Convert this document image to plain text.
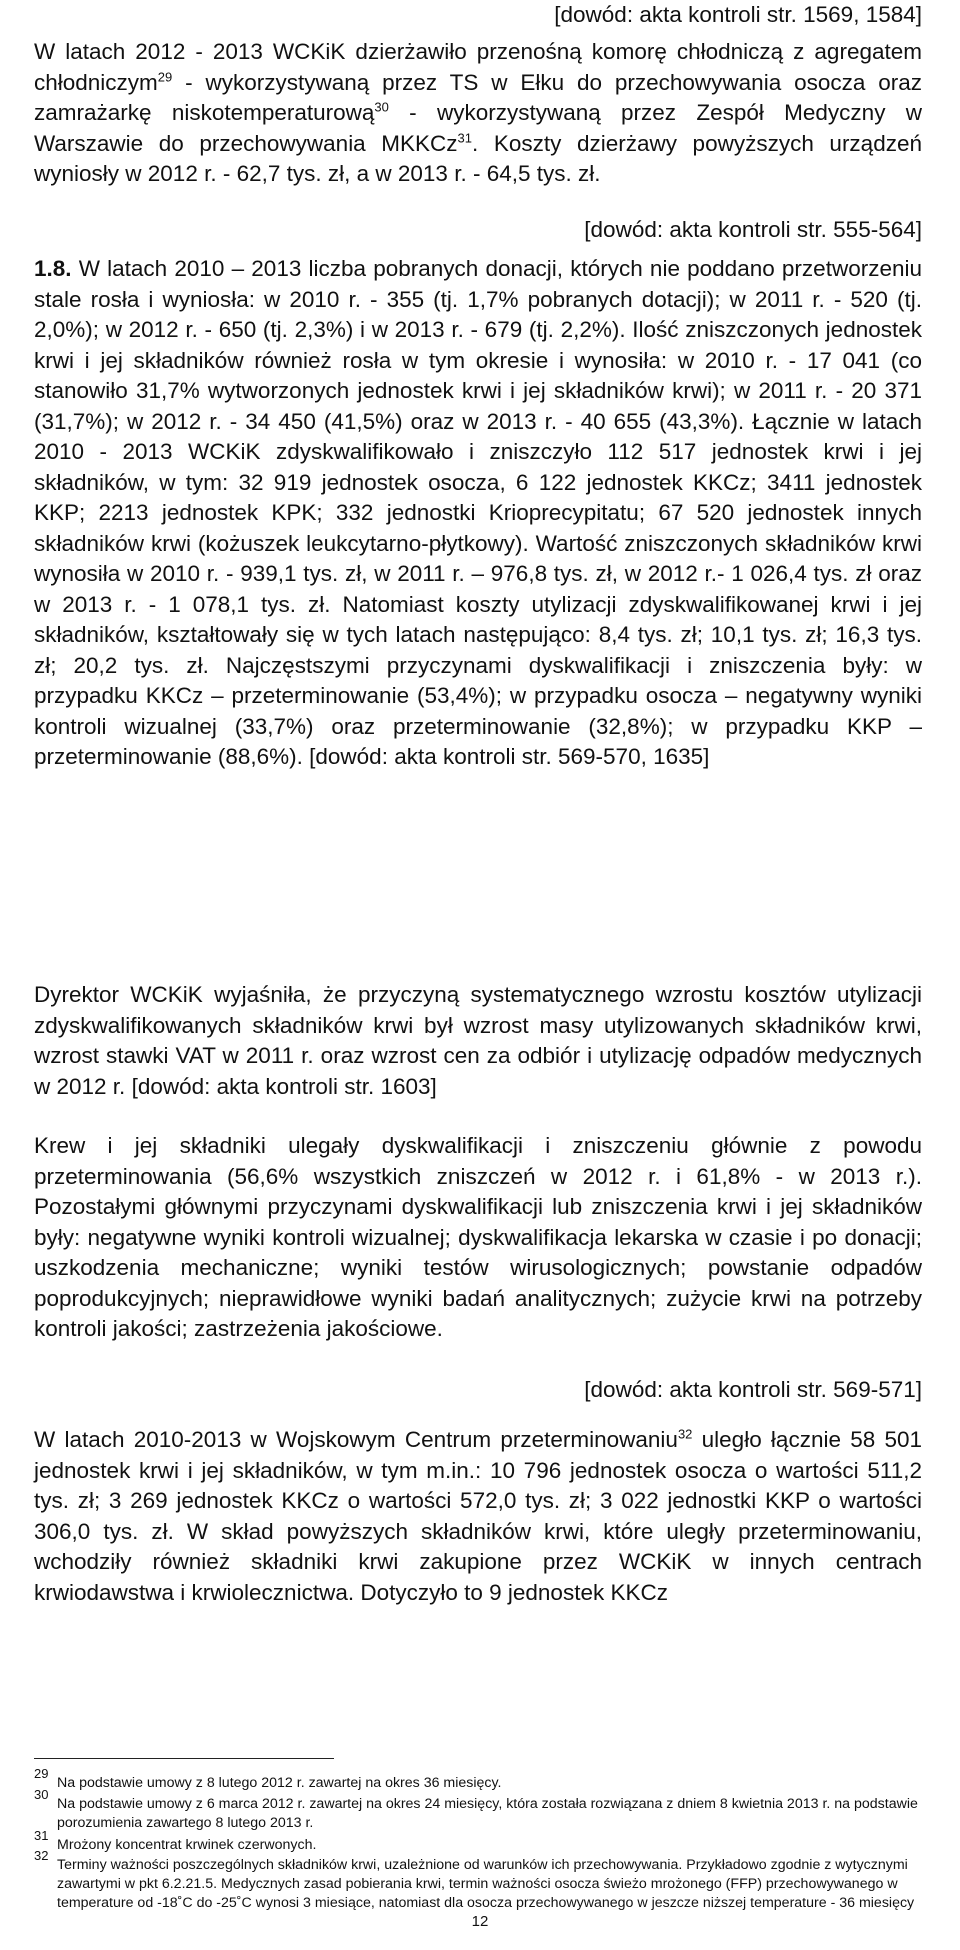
[dowód: akta kontroli str. 1569, 1584]

W latach 2012 - 2013 WCKiK dzierżawiło przenośną komorę chłodniczą z agregatem chłodniczym$^{29}$ - wykorzystywaną przez TS w Ełku do przechowywania osocza oraz zamrażarkę niskotemperaturową$^{30}$ - wykorzystywaną przez Zespół Medyczny w Warszawie do przechowywania MKKCz$^{31}$. Koszty dzierżawy powyższych urządzeń wyniosły w 2012 r. - 62,7 tys. zł, a w 2013 r. - 64,5 tys. zł.

[dowód: akta kontroli str. 555-564]

1.8. W latach 2010 – 2013 liczba pobranych donacji, których nie poddano przetworzeniu stale rosła i wyniosła: w 2010 r. - 355 (tj. 1,7% pobranych dotacji); w 2011 r. - 520 (tj. 2,0%); w 2012 r. - 650 (tj. 2,3%) i w 2013 r. - 679 (tj. 2,2%). Ilość zniszczonych jednostek krwi i jej składników również rosła w tym okresie i wynosiła: w 2010 r. - 17 041 (co stanowiło 31,7% wytworzonych jednostek krwi i jej składników krwi); w 2011 r. - 20 371 (31,7%); w 2012 r. - 34 450 (41,5%) oraz w 2013 r. - 40 655 (43,3%). Łącznie w latach 2010 - 2013 WCKiK zdyskwalifikowało i zniszczyło 112 517 jednostek krwi i jej składników, w tym: 32 919 jednostek osocza, 6 122 jednostek KKCz; 3411 jednostek KKP; 2213 jednostek KPK; 332 jednostki Krioprecypitatu; 67 520 jednostek innych składników krwi (kożuszek leukcytarno-płytkowy). Wartość zniszczonych składników krwi wynosiła w 2010 r. - 939,1 tys. zł, w 2011 r. – 976,8 tys. zł, w 2012 r.- 1 026,4 tys. zł oraz w 2013 r. - 1 078,1 tys. zł. Natomiast koszty utylizacji zdyskwalifikowanej krwi i jej składników, kształtowały się w tych latach następująco: 8,4 tys. zł; 10,1 tys. zł; 16,3 tys. zł; 20,2 tys. zł. Najczęstszymi przyczynami dyskwalifikacji i zniszczenia były: w przypadku KKCz – przeterminowanie (53,4%); w przypadku osocza – negatywny wyniki kontroli wizualnej (33,7%) oraz przeterminowanie (32,8%); w przypadku KKP – przeterminowanie (88,6%). [dowód: akta kontroli str. 569-570, 1635]

Dyrektor WCKiK wyjaśniła, że przyczyną systematycznego wzrostu kosztów utylizacji zdyskwalifikowanych składników krwi był wzrost masy utylizowanych składników krwi, wzrost stawki VAT w 2011 r. oraz wzrost cen za odbiór i utylizację odpadów medycznych w 2012 r. [dowód: akta kontroli str. 1603]

Krew i jej składniki ulegały dyskwalifikacji i zniszczeniu głównie z powodu przeterminowania (56,6% wszystkich zniszczeń w 2012 r. i 61,8% - w 2013 r.). Pozostałymi głównymi przyczynami dyskwalifikacji lub zniszczenia krwi i jej składników były: negatywne wyniki kontroli wizualnej; dyskwalifikacja lekarska w czasie i po donacji; uszkodzenia mechaniczne; wyniki testów wirusologicznych; powstanie odpadów poprodukcyjnych; nieprawidłowe wyniki badań analitycznych; zużycie krwi na potrzeby kontroli jakości; zastrzeżenia jakościowe.

[dowód: akta kontroli str. 569-571]

W latach 2010-2013 w Wojskowym Centrum przeterminowaniu$^{32}$ uległo łącznie 58 501 jednostek krwi i jej składników, w tym m.in.: 10 796 jednostek osocza o wartości 511,2 tys. zł; 3 269 jednostek KKCz o wartości 572,0 tys. zł; 3 022 jednostki KKP o wartości 306,0 tys. zł. W skład powyższych składników krwi, które uległy przeterminowaniu, wchodziły również składniki krwi zakupione przez WCKiK w innych centrach krwiodawstwa i krwiolecznictwa. Dotyczyło to 9 jednostek KKCz

29
Na podstawie umowy z 8 lutego 2012 r. zawartej na okres 36 miesięcy.
30
Na podstawie umowy z 6 marca 2012 r. zawartej na okres 24 miesięcy, która została rozwiązana z dniem 8 kwietnia 2013 r. na podstawie porozumienia zawartego 8 lutego 2013 r.
31
Mrożony koncentrat krwinek czerwonych.
32
Terminy ważności poszczególnych składników krwi, uzależnione od warunków ich przechowywania. Przykładowo zgodnie z wytycznymi zawartymi w pkt 6.2.21.5. Medycznych zasad pobierania krwi, termin ważności osocza świeżo mrożonego (FFP) przechowywanego w temperature od -18˚C do -25˚C wynosi 3 miesiące, natomiast dla osocza przechowywanego w jeszcze niższej temperature - 36 miesięcy
12
